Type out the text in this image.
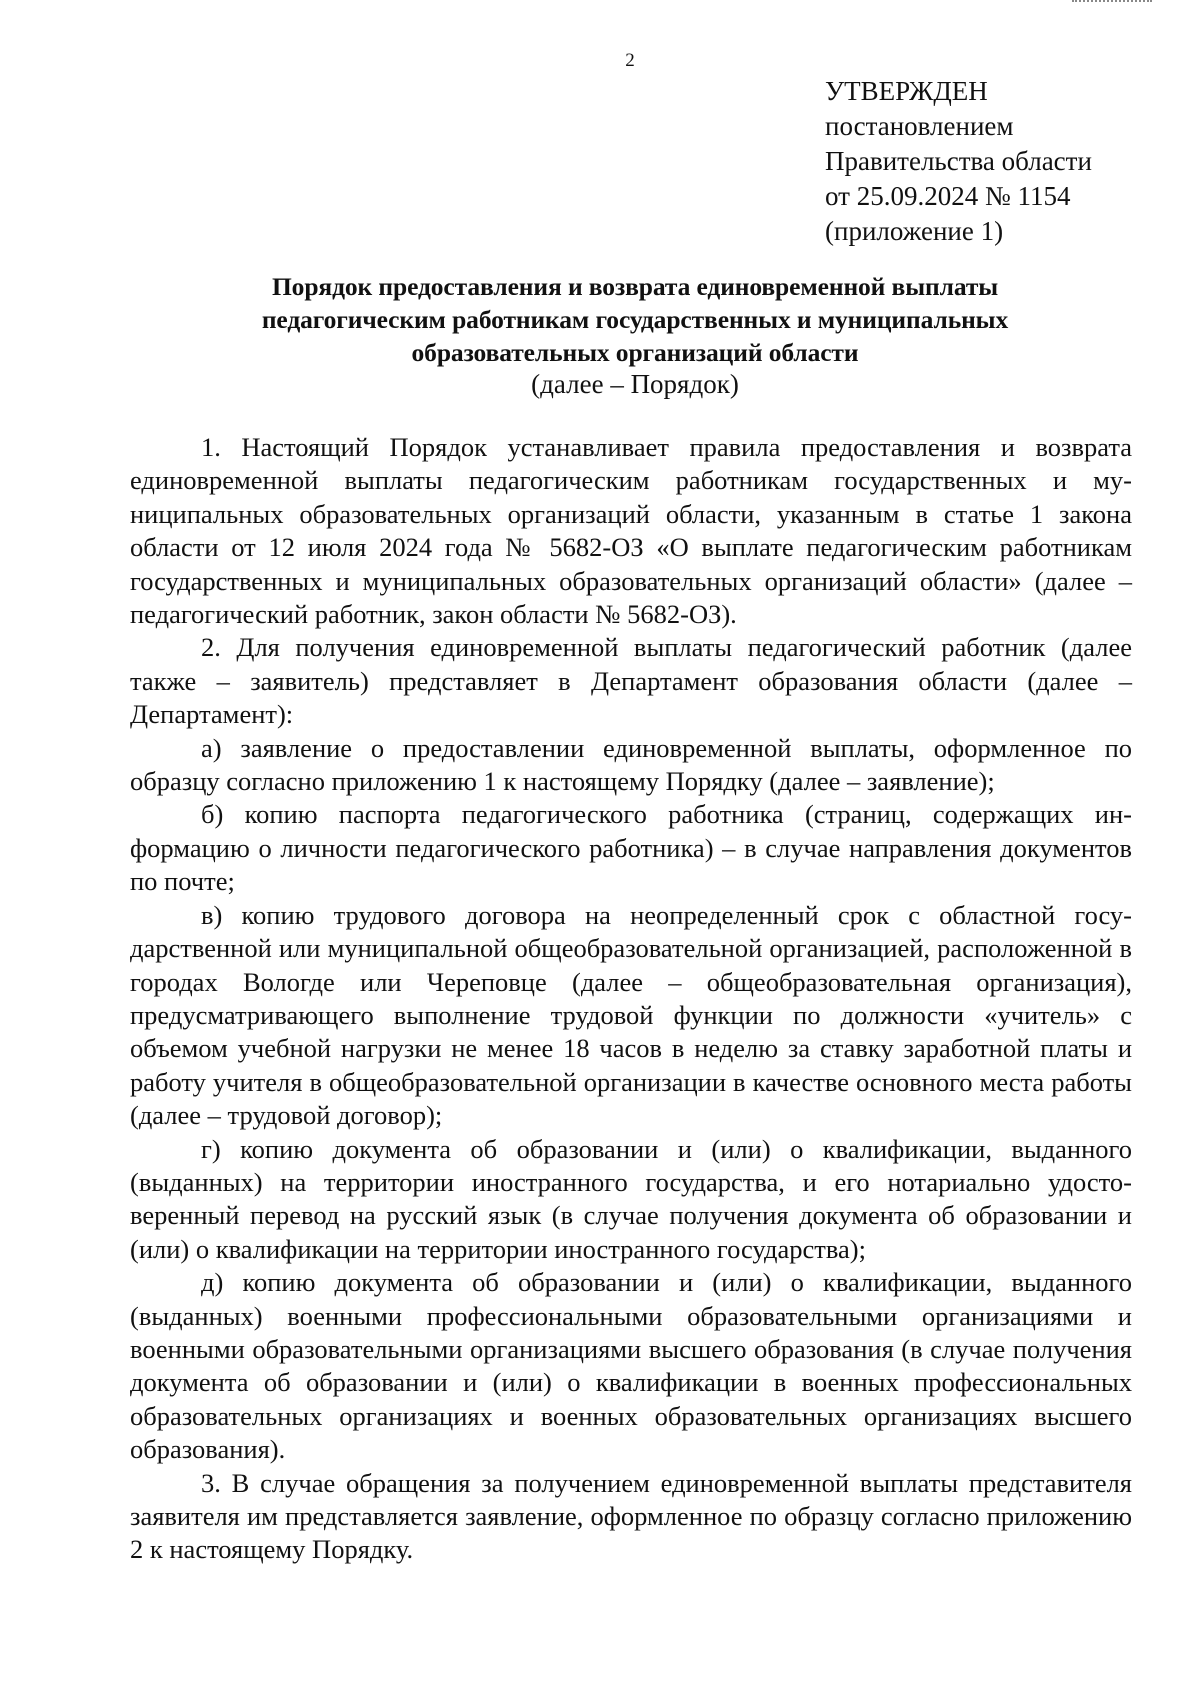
2
УТВЕРЖДЕН
постановлением
Правительства области
от 25.09.2024 № 1154
(приложение 1)
Порядок предоставления и возврата единовременной выплаты
педагогическим работникам государственных и муниципальных
образовательных организаций области
(далее – Порядок)

1. Настоящий Порядок устанавливает правила предоставления и возврата единовременной выплаты педагогическим работникам государственных и муниципальных образовательных организаций области, указанным в статье 1 закона области от 12 июля 2024 года № 5682-ОЗ «О выплате педагогическим работникам государственных и муниципальных образовательных организаций области» (далее – педагогический работник, закон области № 5682-ОЗ).

2. Для получения единовременной выплаты педагогический работник (далее также – заявитель) представляет в Департамент образования области (далее – Департамент):

а) заявление о предоставлении единовременной выплаты, оформленное по образцу согласно приложению 1 к настоящему Порядку (далее – заявление);

б) копию паспорта педагогического работника (страниц, содержащих информацию о личности педагогического работника) – в случае направления документов по почте;

в) копию трудового договора на неопределенный срок с областной государственной или муниципальной общеобразовательной организацией, расположенной в городах Вологде или Череповце (далее – общеобразовательная организация), предусматривающего выполнение трудовой функции по должности «учитель» с объемом учебной нагрузки не менее 18 часов в неделю за ставку заработной платы и работу учителя в общеобразовательной организации в качестве основного места работы (далее – трудовой договор);

г) копию документа об образовании и (или) о квалификации, выданного (выданных) на территории иностранного государства, и его нотариально удостоверенный перевод на русский язык (в случае получения документа об образовании и (или) о квалификации на территории иностранного государства);

д) копию документа об образовании и (или) о квалификации, выданного (выданных) военными профессиональными образовательными организациями и военными образовательными организациями высшего образования (в случае получения документа об образовании и (или) о квалификации в военных профессиональных образовательных организациях и военных образовательных организациях высшего образования).

3. В случае обращения за получением единовременной выплаты представителя заявителя им представляется заявление, оформленное по образцу согласно приложению 2 к настоящему Порядку.
